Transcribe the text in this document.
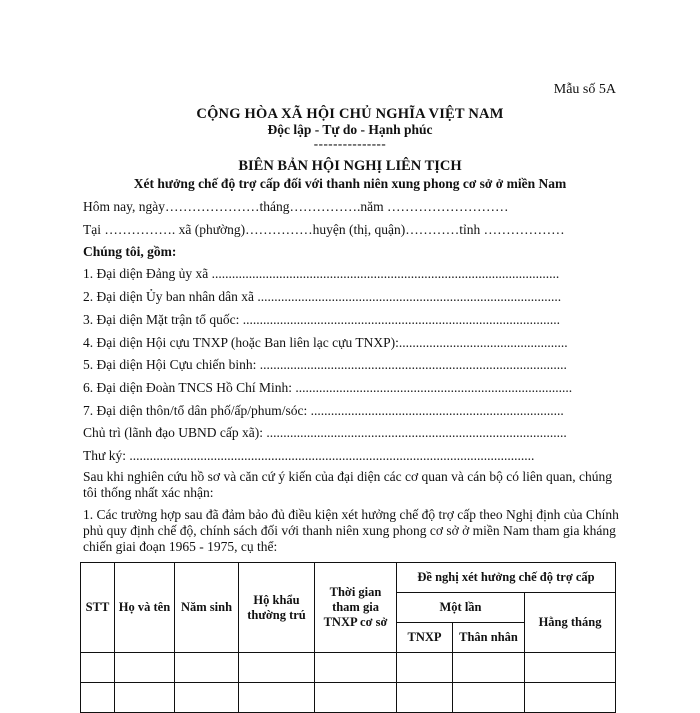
Mẫu số 5A
CỘNG HÒA XÃ HỘI CHỦ NGHĨA VIỆT NAM
Độc lập - Tự do - Hạnh phúc
---------------
BIÊN BẢN HỘI NGHỊ LIÊN TỊCH
Xét hưởng chế độ trợ cấp đối với thanh niên xung phong cơ sở ở miền Nam
Hôm nay, ngày…………………tháng…………….năm ………………………
Tại ……………. xã (phường)……………huyện (thị, quận)…………tỉnh ………………
Chúng tôi, gồm:
1. Đại diện Đảng ủy xã .......................................................................................................
2. Đại diện Ủy ban nhân dân xã ..........................................................................................
3. Đại diện Mặt trận tổ quốc: ..............................................................................................
4. Đại diện Hội cựu TNXP (hoặc Ban liên lạc cựu TNXP):..................................................
5. Đại diện Hội Cựu chiến binh: ...........................................................................................
6. Đại diện Đoàn TNCS Hồ Chí Minh: ..................................................................................
7. Đại diện thôn/tổ dân phố/ấp/phum/sóc: ...........................................................................
Chủ trì (lãnh đạo UBND cấp xã): .........................................................................................
Thư ký: ........................................................................................................................
Sau khi nghiên cứu hồ sơ và căn cứ ý kiến của đại diện các cơ quan và cán bộ có liên quan, chúng tôi thống nhất xác nhận:
1. Các trường hợp sau đã đảm bảo đủ điều kiện xét hưởng chế độ trợ cấp theo Nghị định của Chính phủ quy định chế độ, chính sách đối với thanh niên xung phong cơ sở ở miền Nam tham gia kháng chiến giai đoạn 1965 - 1975, cụ thể:
STT	Họ và tên	Năm sinh	Hộ khẩu thường trú	Thời gian tham gia TNXP cơ sở	Đề nghị xét hưởng chế độ trợ cấp		
					Một lần		Hằng tháng
					TNXP	Thân nhân	
